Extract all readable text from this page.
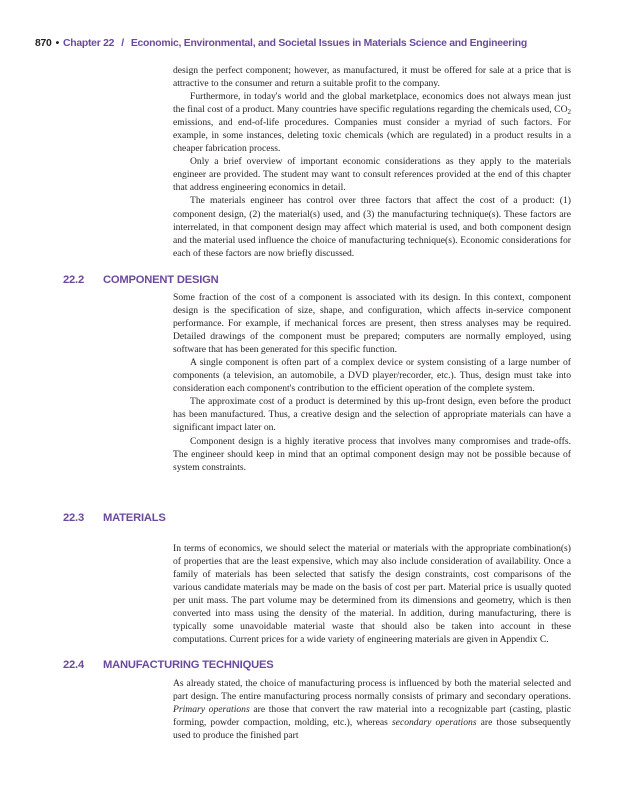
870 • Chapter 22 / Economic, Environmental, and Societal Issues in Materials Science and Engineering

design the perfect component; however, as manufactured, it must be offered for sale at a price that is attractive to the consumer and return a suitable profit to the company.

Furthermore, in today's world and the global marketplace, economics does not always mean just the final cost of a product. Many countries have specific regulations regarding the chemicals used, $CO_2$ emissions, and end-of-life procedures. Companies must consider a myriad of such factors. For example, in some instances, deleting toxic chemicals (which are regulated) in a product results in a cheaper fabrication process.

Only a brief overview of important economic considerations as they apply to the materials engineer are provided. The student may want to consult references provided at the end of this chapter that address engineering economics in detail.

The materials engineer has control over three factors that affect the cost of a product: (1) component design, (2) the material(s) used, and (3) the manufacturing technique(s). These factors are interrelated, in that component design may affect which material is used, and both component design and the material used influence the choice of manufacturing technique(s). Economic considerations for each of these factors are now briefly discussed.

22.2 COMPONENT DESIGN

Some fraction of the cost of a component is associated with its design. In this context, component design is the specification of size, shape, and configuration, which affects in-service component performance. For example, if mechanical forces are present, then stress analyses may be required. Detailed drawings of the component must be prepared; computers are normally employed, using software that has been generated for this specific function.

A single component is often part of a complex device or system consisting of a large number of components (a television, an automobile, a DVD player/recorder, etc.). Thus, design must take into consideration each component's contribution to the efficient operation of the complete system.

The approximate cost of a product is determined by this up-front design, even before the product has been manufactured. Thus, a creative design and the selection of appropriate materials can have a significant impact later on.

Component design is a highly iterative process that involves many compromises and trade-offs. The engineer should keep in mind that an optimal component design may not be possible because of system constraints.

22.3 MATERIALS

In terms of economics, we should select the material or materials with the appropriate combination(s) of properties that are the least expensive, which may also include consideration of availability. Once a family of materials has been selected that satisfy the design constraints, cost comparisons of the various candidate materials may be made on the basis of cost per part. Material price is usually quoted per unit mass. The part volume may be determined from its dimensions and geometry, which is then converted into mass using the density of the material. In addition, during manufacturing, there is typically some unavoidable material waste that should also be taken into account in these computations. Current prices for a wide variety of engineering materials are given in Appendix C.

22.4 MANUFACTURING TECHNIQUES

As already stated, the choice of manufacturing process is influenced by both the material selected and part design. The entire manufacturing process normally consists of primary and secondary operations. Primary operations are those that convert the raw material into a recognizable part (casting, plastic forming, powder compaction, molding, etc.), whereas secondary operations are those subsequently used to produce the finished part
